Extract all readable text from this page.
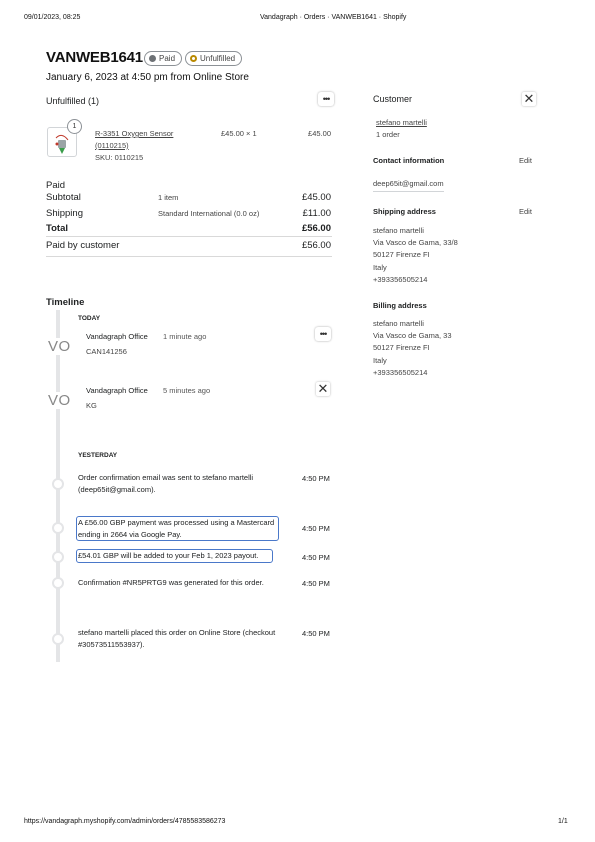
09/01/2023, 08:25	Vandagraph · Orders · VANWEB1641 · Shopify
VANWEB1641 Paid	Unfulfilled
January 6, 2023 at 4:50 pm from Online Store
Unfulfilled (1)	•••
1
R-3351 Oxygen Sensor
(0110215)
SKU: 0110215
£45.00 × 1	£45.00
Paid
Subtotal	1 item	£45.00
Shipping	Standard International (0.0 oz)	£11.00
Total	£56.00
Paid by customer	£56.00
Timeline
TODAY
VO
Vandagraph Office 1 minute ago
CAN141256
•••
VO
Vandagraph Office 5 minutes ago
KG
✕
YESTERDAY
Order confirmation email was sent to stefano martelli (deep65it@gmail.com).
4:50 PM
A £56.00 GBP payment was processed using a Mastercard ending in 2664 via Google Pay.
4:50 PM
£54.01 GBP will be added to your Feb 1, 2023 payout.	4:50 PM
Confirmation #NR5PRTG9 was generated for this order.	4:50 PM
stefano martelli placed this order on Online Store (checkout #30573511553937).
4:50 PM
Customer	✕
stefano martelli
1 order
Contact information	Edit
deep65it@gmail.com
Shipping address	Edit
stefano martelli
Via Vasco de Gama, 33/8
50127 Firenze FI
Italy
+393356505214
Billing address
stefano martelli
Via Vasco de Gama, 33
50127 Firenze FI
Italy
+393356505214
https://vandagraph.myshopify.com/admin/orders/4785583586273	1/1
